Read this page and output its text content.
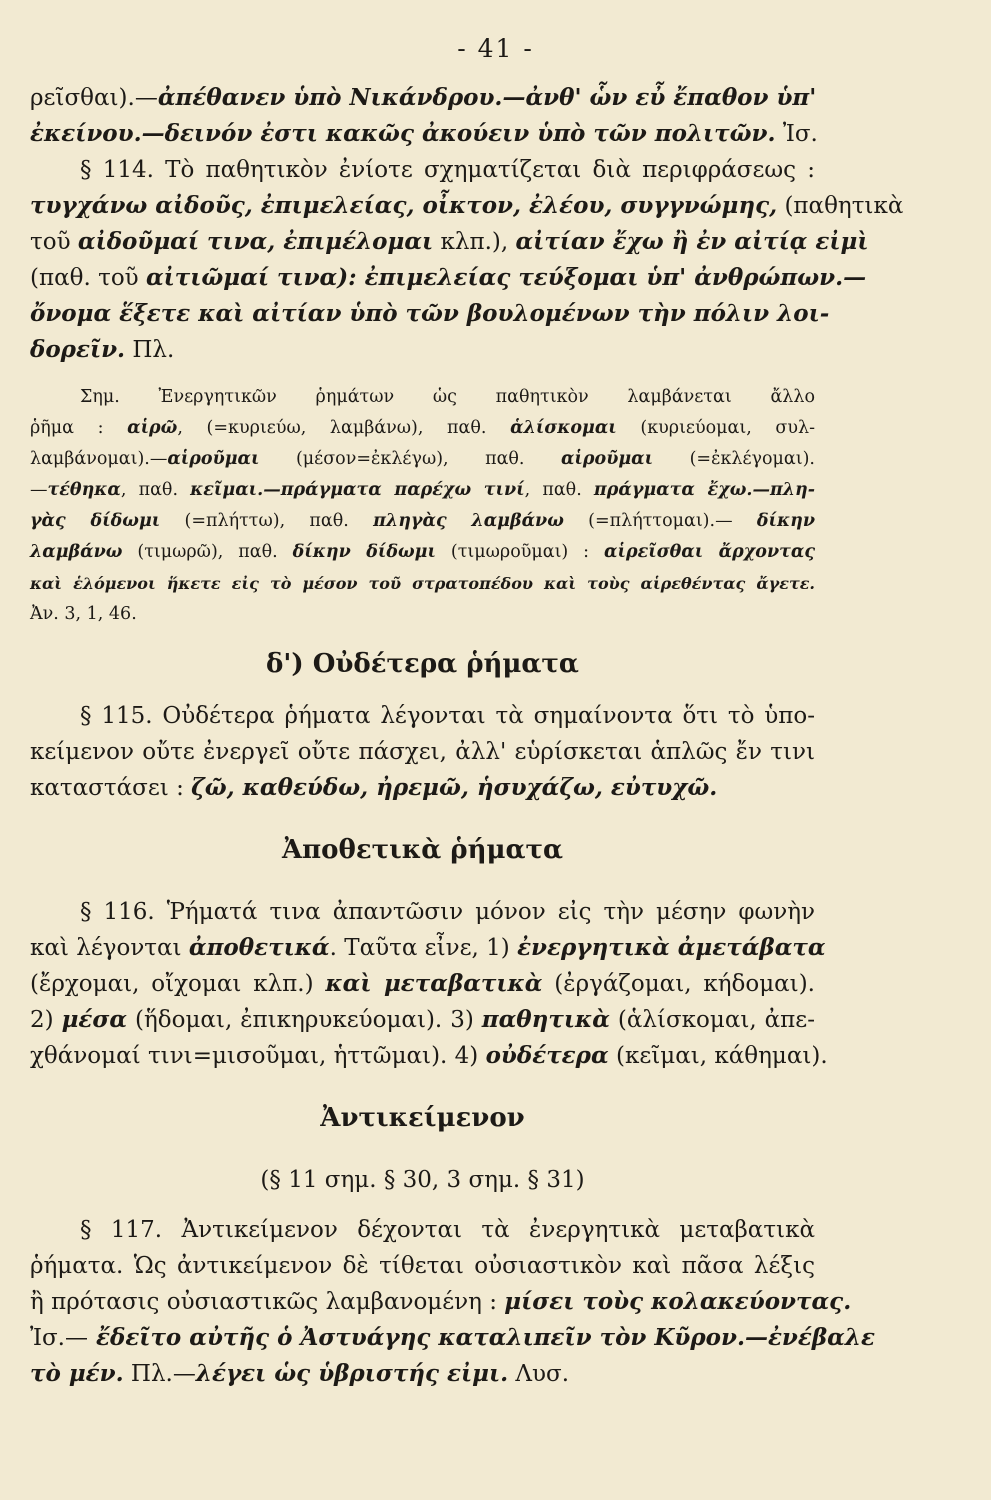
- 41 -
ρεῖσθαι).—ἀπέθανεν ὑπὸ Νικάνδρου.—ἀνθ' ὧν εὖ ἔπαθον ὑπ'
ἐκείνου.—δεινόν ἐστι κακῶς ἀκούειν ὑπὸ τῶν πολιτῶν. Ἰσ.
§ 114. Τὸ παθητικὸν ἐνίοτε σχηματίζεται διὰ περιφράσεως :
τυγχάνω αἰδοῦς, ἐπιμελείας, οἶκτον, ἐλέου, συγγνώμης, (παθητικὰ
τοῦ αἰδοῦμαί τινα, ἐπιμέλομαι κλπ.), αἰτίαν ἔχω ἢ ἐν αἰτίᾳ εἰμὶ
(παθ. τοῦ αἰτιῶμαί τινα): ἐπιμελείας τεύξομαι ὑπ' ἀνθρώπων.—
ὄνομα ἕξετε καὶ αἰτίαν ὑπὸ τῶν βουλομένων τὴν πόλιν λοι-
δορεῖν. Πλ.
Σημ. Ἐνεργητικῶν ῥημάτων ὡς παθητικὸν λαμβάνεται ἄλλο
ῥῆμα : αἱρῶ, (=κυριεύω, λαμβάνω), παθ. ἁλίσκομαι (κυριεύομαι, συλ-
λαμβάνομαι).—αἱροῦμαι (μέσον=ἐκλέγω), παθ. αἱροῦμαι (=ἐκλέγομαι).
—τέθηκα, παθ. κεῖμαι.—πράγματα παρέχω τινί, παθ. πράγματα ἔχω.—πλη-
γὰς δίδωμι (=πλήττω), παθ. πληγὰς λαμβάνω (=πλήττομαι).— δίκην
λαμβάνω (τιμωρῶ), παθ. δίκην δίδωμι (τιμωροῦμαι) : αἱρεῖσθαι ἄρχοντας
καὶ ἑλόμενοι ἥκετε εἰς τὸ μέσον τοῦ στρατοπέδου καὶ τοὺς αἱρεθέντας ἄγετε.
Ἀν. 3, 1, 46.
δ') Οὐδέτερα ῥήματα
§ 115. Οὐδέτερα ῥήματα λέγονται τὰ σημαίνοντα ὅτι τὸ ὑπο-
κείμενον οὔτε ἐνεργεῖ οὔτε πάσχει, ἀλλ' εὑρίσκεται ἁπλῶς ἔν τινι
καταστάσει : ζῶ, καθεύδω, ἠρεμῶ, ἡσυχάζω, εὐτυχῶ.
Ἀποθετικὰ ῥήματα
§ 116. Ῥήματά τινα ἀπαντῶσιν μόνον εἰς τὴν μέσην φωνὴν
καὶ λέγονται ἀποθετικά. Ταῦτα εἶνε, 1) ἐνεργητικὰ ἀμετάβατα
(ἔρχομαι, οἴχομαι κλπ.) καὶ μεταβατικὰ (ἐργάζομαι, κήδομαι).
2) μέσα (ἥδομαι, ἐπικηρυκεύομαι). 3) παθητικὰ (ἁλίσκομαι, ἀπε-
χθάνομαί τινι=μισοῦμαι, ἡττῶμαι). 4) οὐδέτερα (κεῖμαι, κάθημαι).
Ἀντικείμενον
(§ 11 σημ. § 30, 3 σημ. § 31)
§ 117. Ἀντικείμενον δέχονται τὰ ἐνεργητικὰ μεταβατικὰ
ῥήματα. Ὡς ἀντικείμενον δὲ τίθεται οὐσιαστικὸν καὶ πᾶσα λέξις
ἢ πρότασις οὐσιαστικῶς λαμβανομένη : μίσει τοὺς κολακεύοντας.
Ἰσ.— ἔδεῖτο αὐτῆς ὁ Ἀστυάγης καταλιπεῖν τὸν Κῦρον.—ἐνέβαλε
τὸ μέν. Πλ.—λέγει ὡς ὑβριστής εἰμι. Λυσ.
